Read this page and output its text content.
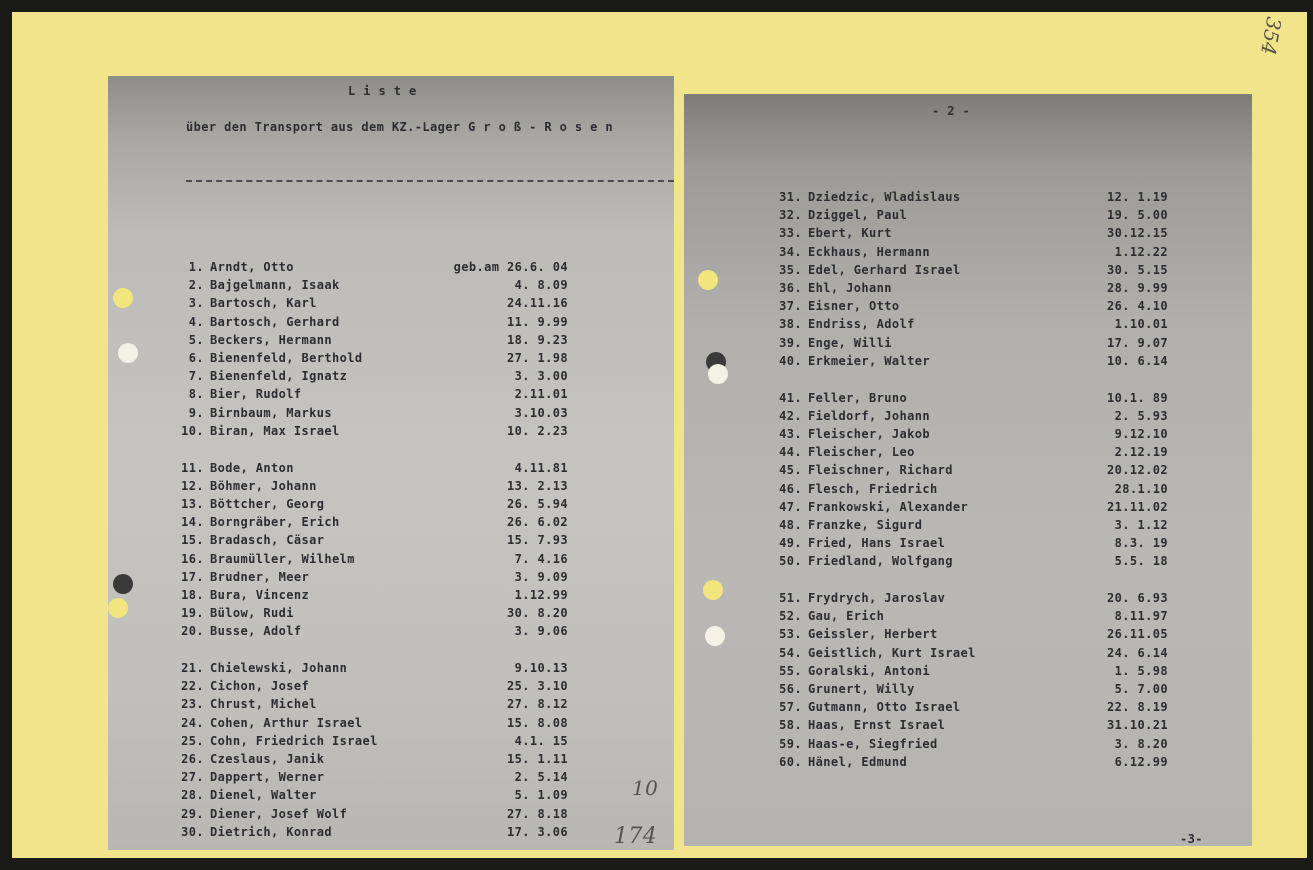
354

L i s t e

über den Transport aus dem KZ.-Lager G r o ß - R o s e n

1. Arndt, Otto	geb.am 26.6. 04
2. Bajgelmann, Isaak	4. 8.09
3. Bartosch, Karl	24.11.16
4. Bartosch, Gerhard	11. 9.99
5. Beckers, Hermann	18. 9.23
6. Bienenfeld, Berthold	27. 1.98
7. Bienenfeld, Ignatz	3. 3.00
8. Bier, Rudolf	2.11.01
9. Birnbaum, Markus	3.10.03
10. Biran, Max Israel	10. 2.23
11. Bode, Anton	4.11.81
12. Böhmer, Johann	13. 2.13
13. Böttcher, Georg	26. 5.94
14. Borngräber, Erich	26. 6.02
15. Bradasch, Cäsar	15. 7.93
16. Braumüller, Wilhelm	7. 4.16
17. Brudner, Meer	3. 9.09
18. Bura, Vincenz	1.12.99
19. Bülow, Rudi	30. 8.20
20. Busse, Adolf	3. 9.06
21. Chielewski, Johann	9.10.13
22. Cichon, Josef	25. 3.10
23. Chrust, Michel	27. 8.12
24. Cohen, Arthur Israel	15. 8.08
25. Cohn, Friedrich Israel	4.1. 15
26. Czeslaus, Janik	15. 1.11
27. Dappert, Werner	2. 5.14
28. Dienel, Walter	5. 1.09
29. Diener, Josef Wolf	27. 8.18
30. Dietrich, Konrad	17. 3.06

10

174

- 2 -

31. Dziedzic, Wladislaus	12. 1.19
32. Dziggel, Paul	19. 5.00
33. Ebert, Kurt	30.12.15
34. Eckhaus, Hermann	1.12.22
35. Edel, Gerhard Israel	30. 5.15
36. Ehl, Johann	28. 9.99
37. Eisner, Otto	26. 4.10
38. Endriss, Adolf	1.10.01
39. Enge, Willi	17. 9.07
40. Erkmeier, Walter	10. 6.14
41. Feller, Bruno	10.1. 89
42. Fieldorf, Johann	2. 5.93
43. Fleischer, Jakob	9.12.10
44. Fleischer, Leo	2.12.19
45. Fleischner, Richard	20.12.02
46. Flesch, Friedrich	28.1.10
47. Frankowski, Alexander	21.11.02
48. Franzke, Sigurd	3. 1.12
49. Fried, Hans Israel	8.3. 19
50. Friedland, Wolfgang	5.5. 18
51. Frydrych, Jaroslav	20. 6.93
52. Gau, Erich	8.11.97
53. Geissler, Herbert	26.11.05
54. Geistlich, Kurt Israel	24. 6.14
55. Goralski, Antoni	1. 5.98
56. Grunert, Willy	5. 7.00
57. Gutmann, Otto Israel	22. 8.19
58. Haas, Ernst Israel	31.10.21
59. Haas-e, Siegfried	3. 8.20
60. Hänel, Edmund	6.12.99

-3-
